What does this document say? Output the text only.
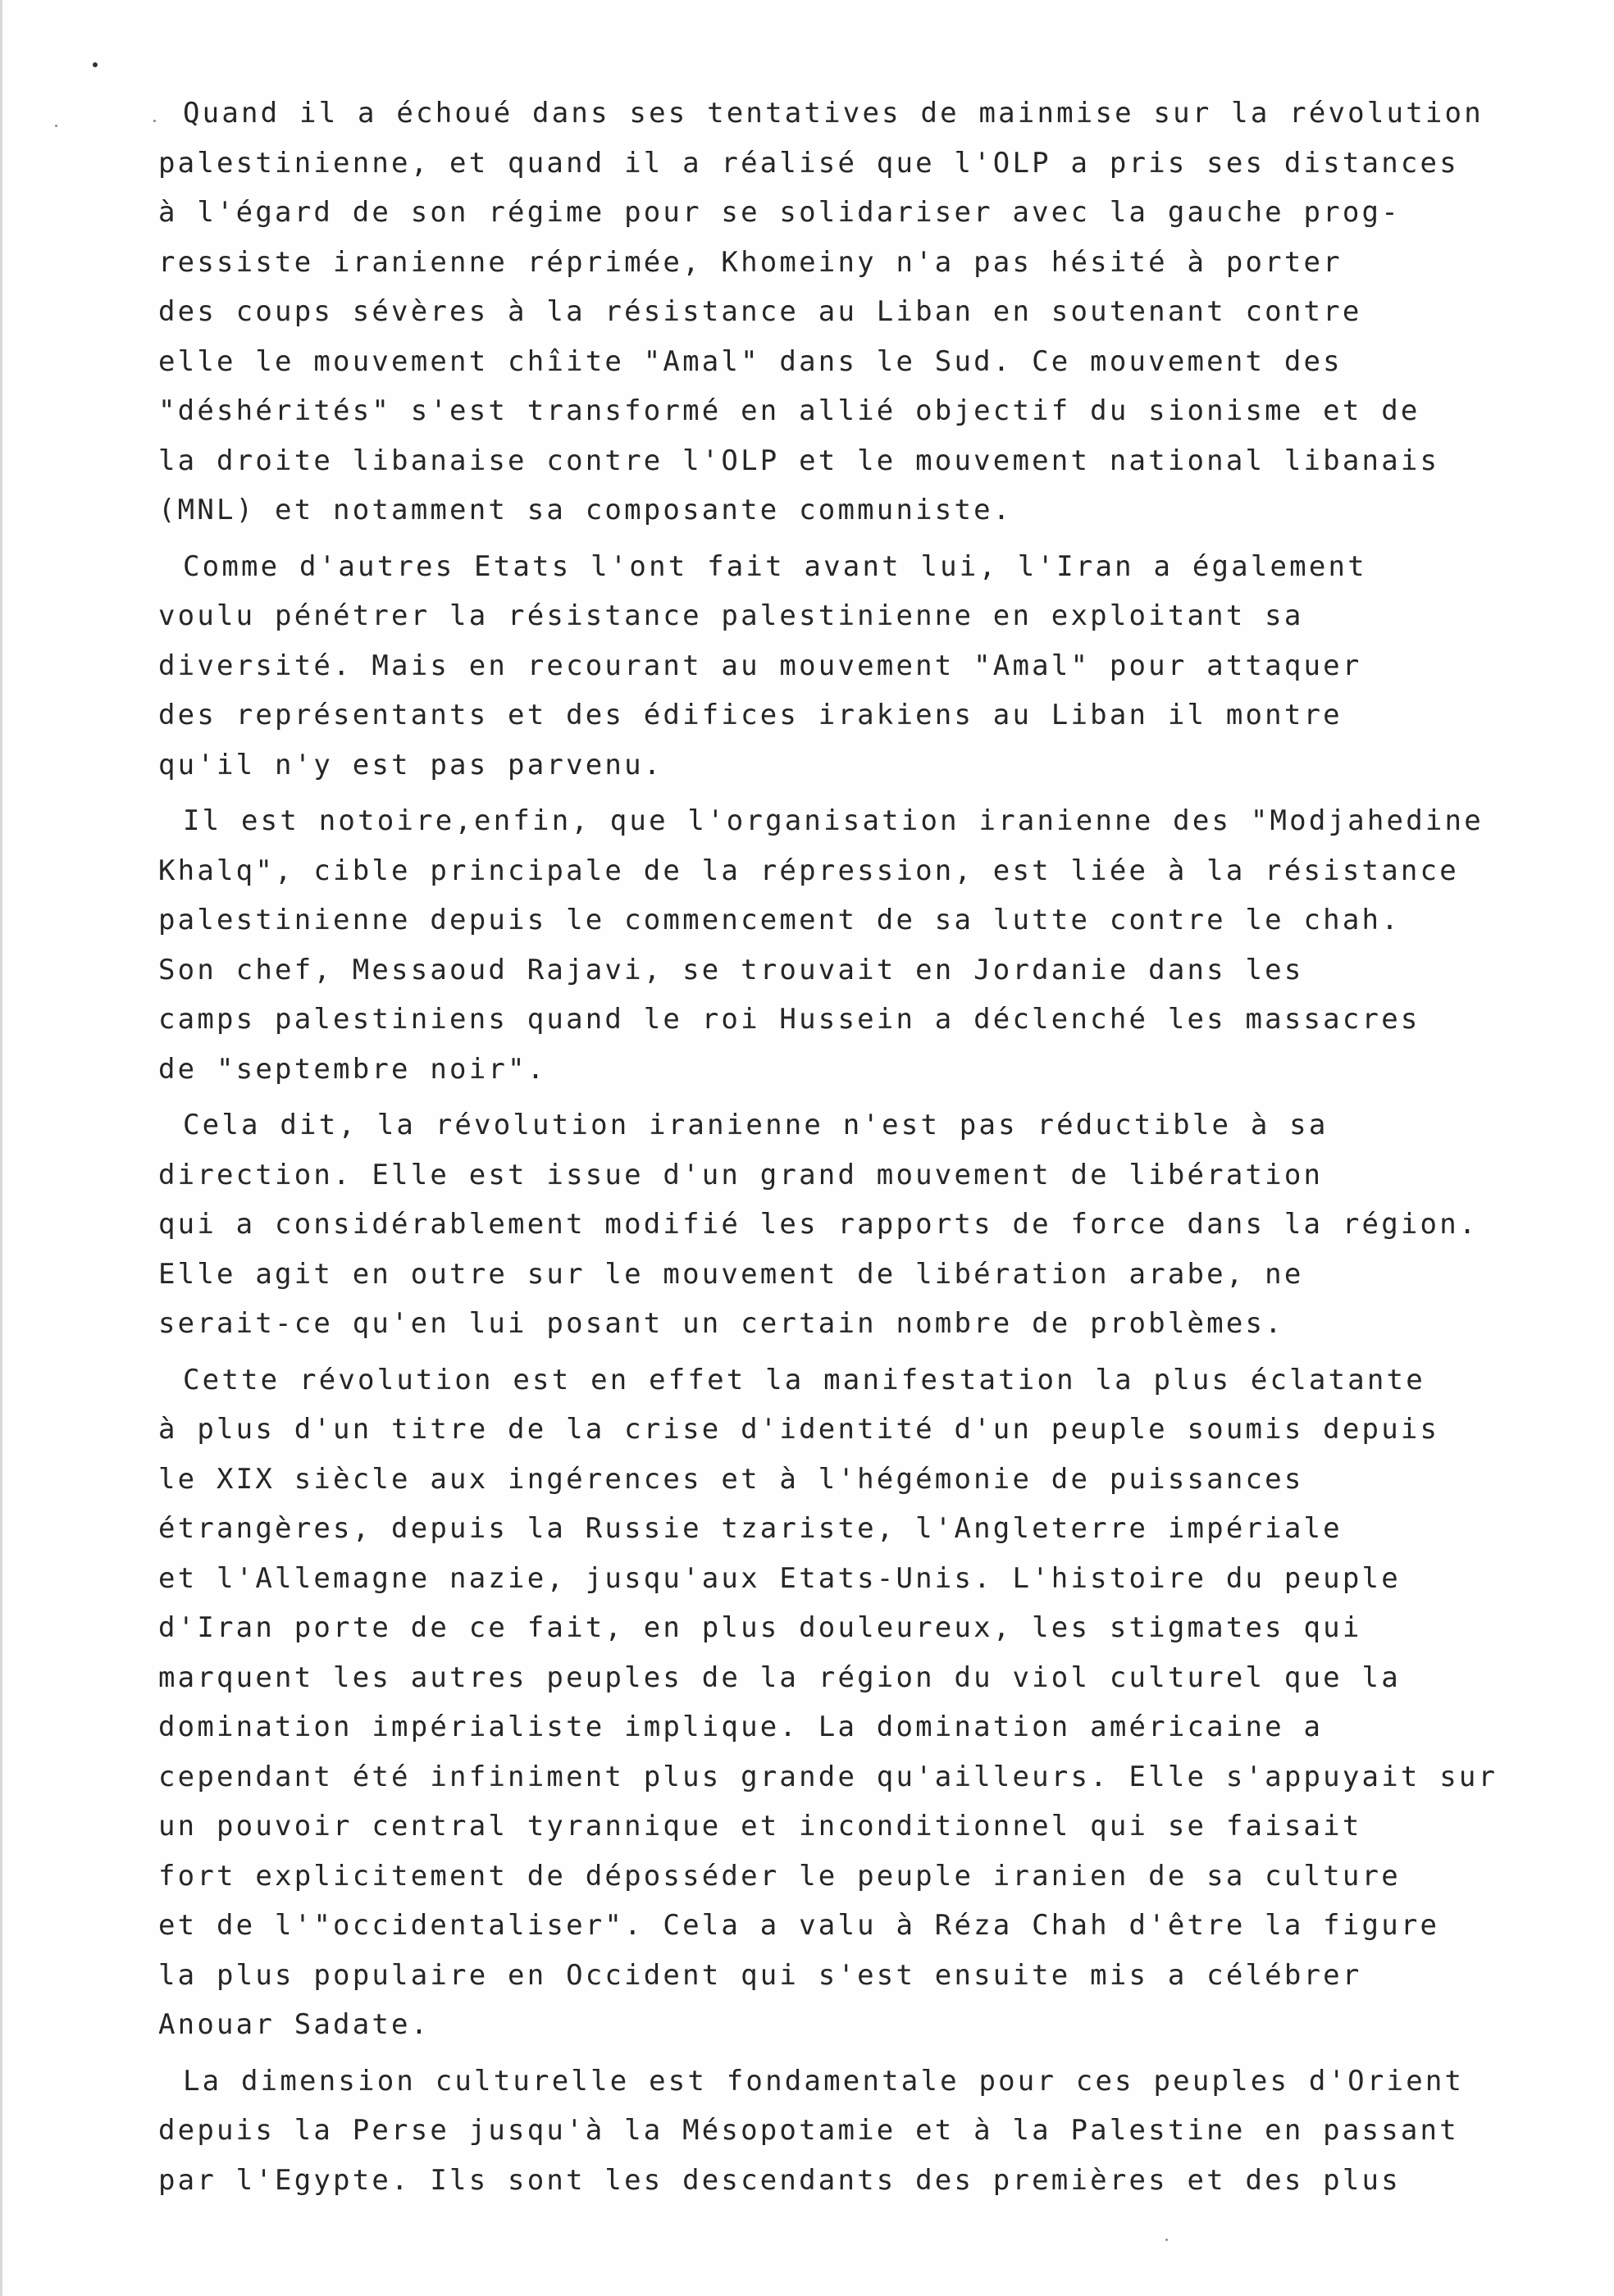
Quand il a échoué dans ses tentatives de mainmise sur la révolution
palestinienne, et quand il a réalisé que l'OLP a pris ses distances
à l'égard de son régime pour se solidariser avec la gauche prog-
ressiste iranienne réprimée, Khomeiny n'a pas hésité à porter
des coups sévères à la résistance au Liban en soutenant contre
elle le mouvement chîite "Amal" dans le Sud. Ce mouvement des
"déshérités" s'est transformé en allié objectif du sionisme et de
la droite libanaise contre l'OLP et le mouvement national libanais
(MNL) et notamment sa composante communiste.
Comme d'autres Etats l'ont fait avant lui, l'Iran a également
voulu pénétrer la résistance palestinienne en exploitant sa
diversité. Mais en recourant au mouvement "Amal" pour attaquer
des représentants et des édifices irakiens au Liban il montre
qu'il n'y est pas parvenu.
Il est notoire,enfin, que l'organisation iranienne des "Modjahedine
Khalq", cible principale de la répression, est liée à la résistance
palestinienne depuis le commencement de sa lutte contre le chah.
Son chef, Messaoud Rajavi, se trouvait en Jordanie dans les
camps palestiniens quand le roi Hussein a déclenché les massacres
de "septembre noir".
Cela dit, la révolution iranienne n'est pas réductible à sa
direction. Elle est issue d'un grand mouvement de libération
qui a considérablement modifié les rapports de force dans la région.
Elle agit en outre sur le mouvement de libération arabe, ne
serait-ce qu'en lui posant un certain nombre de problèmes.
Cette révolution est en effet la manifestation la plus éclatante
à plus d'un titre de la crise d'identité d'un peuple soumis depuis
le XIX siècle aux ingérences et à l'hégémonie de puissances
étrangères, depuis la Russie tzariste, l'Angleterre impériale
et l'Allemagne nazie, jusqu'aux Etats-Unis. L'histoire du peuple
d'Iran porte de ce fait, en plus douleureux, les stigmates qui
marquent les autres peuples de la région du viol culturel que la
domination impérialiste implique. La domination américaine a
cependant été infiniment plus grande qu'ailleurs. Elle s'appuyait sur
un pouvoir central tyrannique et inconditionnel qui se faisait
fort explicitement de déposséder le peuple iranien de sa culture
et de l'"occidentaliser". Cela a valu à Réza Chah d'être la figure
la plus populaire en Occident qui s'est ensuite mis a célébrer
Anouar Sadate.
La dimension culturelle est fondamentale pour ces peuples d'Orient
depuis la Perse jusqu'à la Mésopotamie et à la Palestine en passant
par l'Egypte. Ils sont les descendants des premières et des plus
